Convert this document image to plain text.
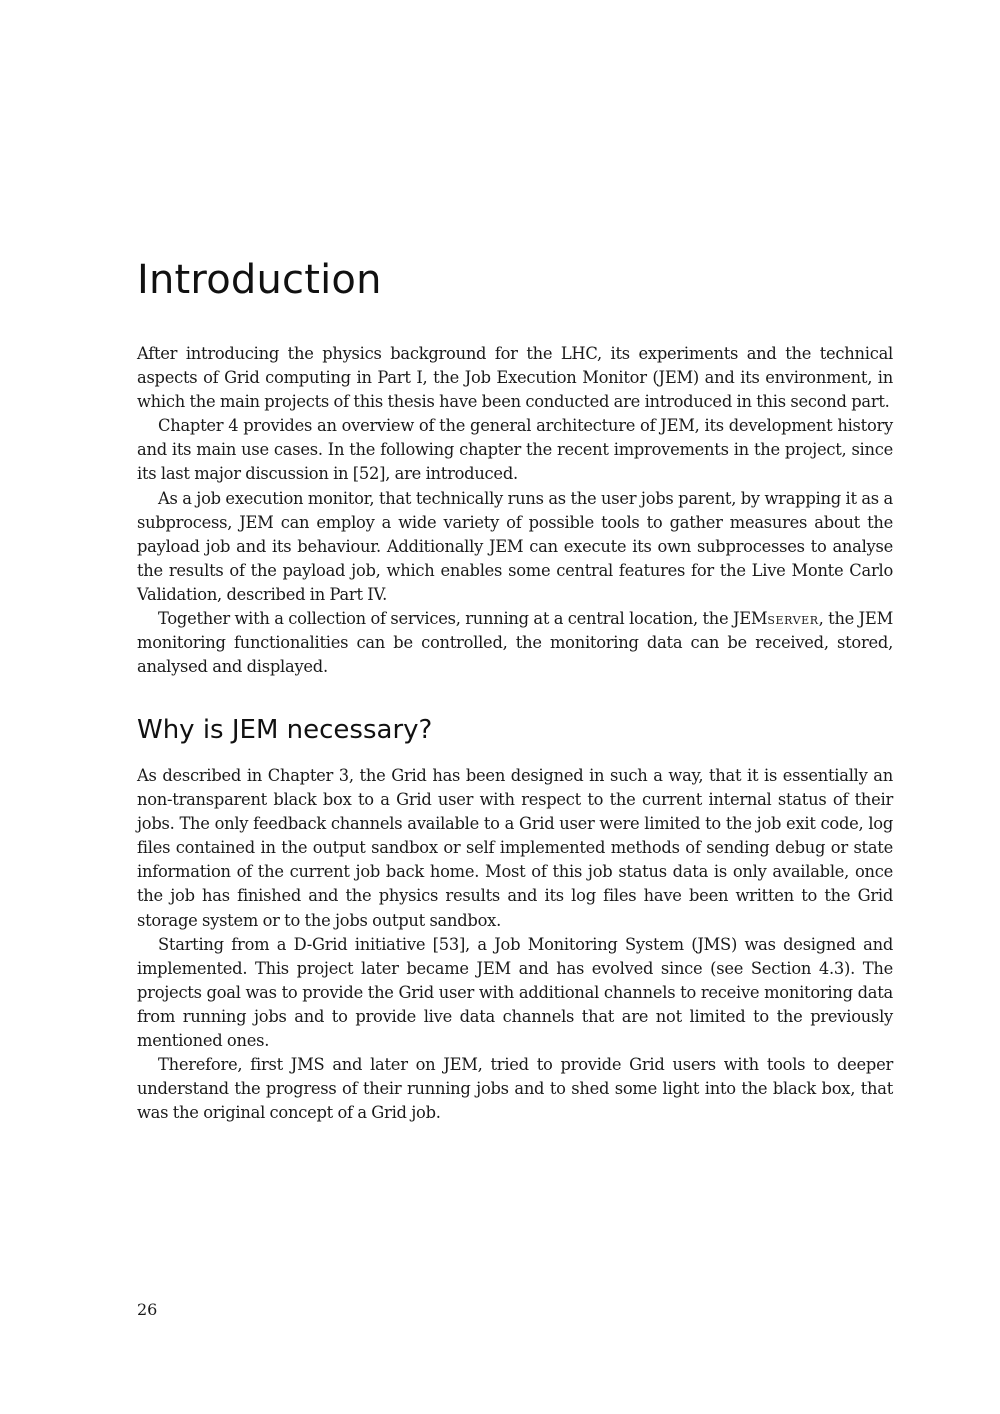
Introduction

After introducing the physics background for the LHC, its experiments and the technical aspects of Grid computing in Part I, the Job Execution Monitor (JEM) and its environment, in which the main projects of this thesis have been conducted are introduced in this second part.

Chapter 4 provides an overview of the general architecture of JEM, its development history and its main use cases. In the following chapter the recent improvements in the project, since its last major discussion in [52], are introduced.

As a job execution monitor, that technically runs as the user jobs parent, by wrapping it as a subprocess, JEM can employ a wide variety of possible tools to gather measures about the payload job and its behaviour. Additionally JEM can execute its own subprocesses to analyse the results of the payload job, which enables some central features for the Live Monte Carlo Validation, described in Part IV.

Together with a collection of services, running at a central location, the JEMserver, the JEM monitoring functionalities can be controlled, the monitoring data can be received, stored, analysed and displayed.

Why is JEM necessary?

As described in Chapter 3, the Grid has been designed in such a way, that it is essentially an non-transparent black box to a Grid user with respect to the current internal status of their jobs. The only feedback channels available to a Grid user were limited to the job exit code, log files contained in the output sandbox or self implemented methods of sending debug or state information of the current job back home. Most of this job status data is only available, once the job has finished and the physics results and its log files have been written to the Grid storage system or to the jobs output sandbox.

Starting from a D-Grid initiative [53], a Job Monitoring System (JMS) was designed and implemented. This project later became JEM and has evolved since (see Section 4.3). The projects goal was to provide the Grid user with additional channels to receive monitoring data from running jobs and to provide live data channels that are not limited to the previously mentioned ones.

Therefore, first JMS and later on JEM, tried to provide Grid users with tools to deeper understand the progress of their running jobs and to shed some light into the black box, that was the original concept of a Grid job.

26
